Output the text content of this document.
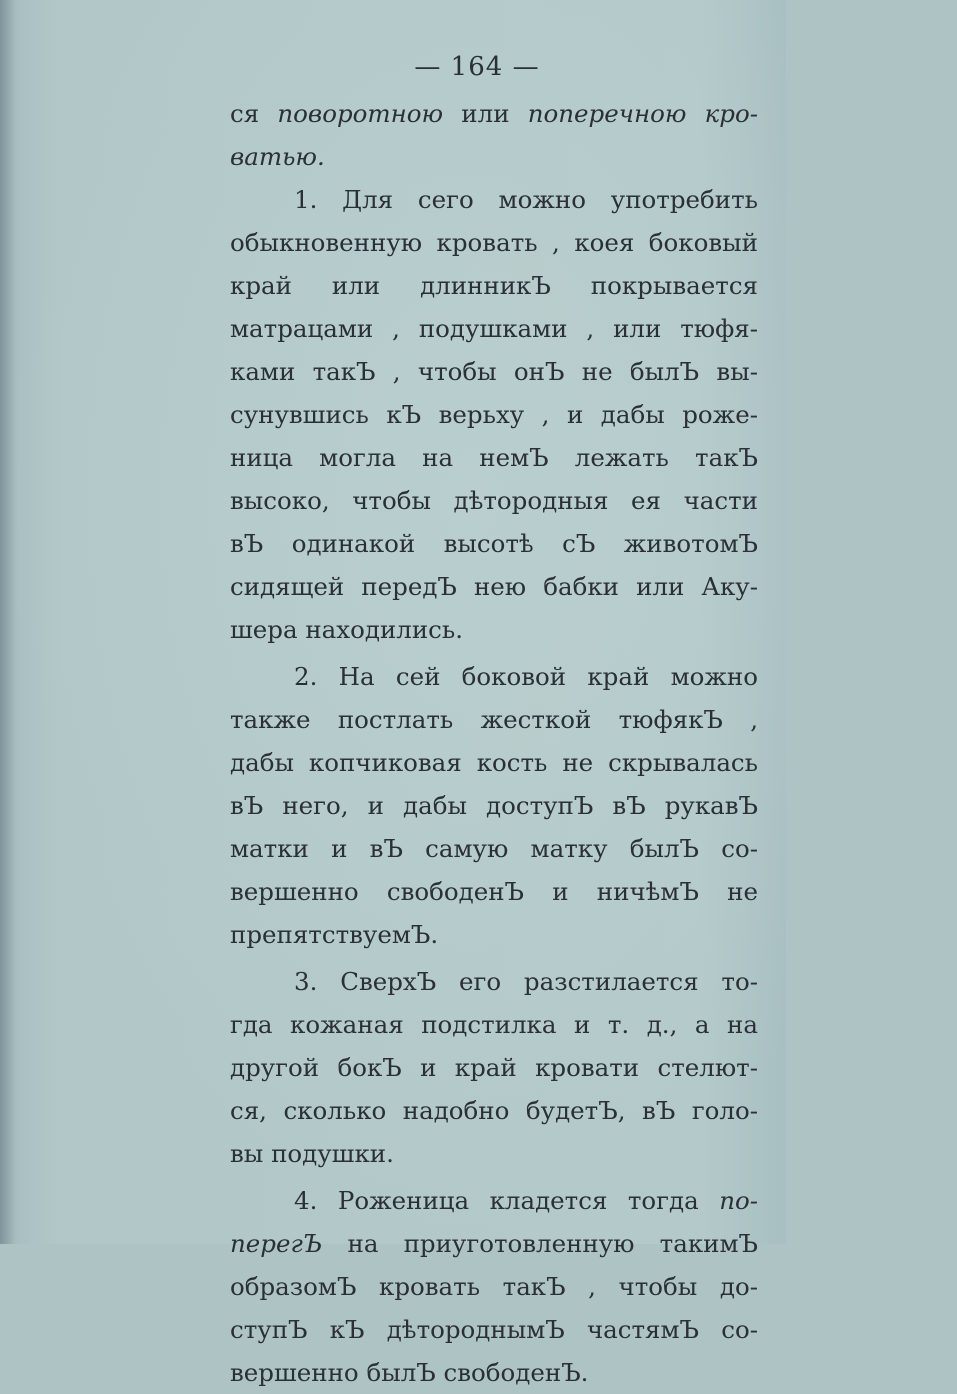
— 164 —
ся поворотною или поперечною кро-
ватью.
1. Для сего можно употребить
обыкновенную кровать , коея боковый
край или длинникЪ покрывается
матрацами , подушками , или тюфя-
ками такЪ , чтобы онЪ не былЪ вы-
сунувшись кЪ верьху , и дабы роже-
ница могла на немЪ лежать такЪ
высоко, чтобы дѣтородныя ея части
вЪ одинакой высотѣ сЪ животомЪ
сидящей передЪ нею бабки или Аку-
шера находились.
2. На сей боковой край можно
также постлать жесткой тюфякЪ ,
дабы копчиковая кость не скрывалась
вЪ него, и дабы доступЪ вЪ рукавЪ
матки и вЪ самую матку былЪ со-
вершенно свободенЪ и ничѣмЪ не
препятствуемЪ.
3. СверхЪ его разстилается то-
гда кожаная подстилка и т. д., а на
другой бокЪ и край кровати стелют-
ся, сколько надобно будетЪ, вЪ голо-
вы подушки.
4. Роженица кладется тогда по-
перегЪ на приуготовленную такимЪ
образомЪ кровать такЪ , чтобы до-
ступЪ кЪ дѣтороднымЪ частямЪ со-
вершенно былЪ свободенЪ.
